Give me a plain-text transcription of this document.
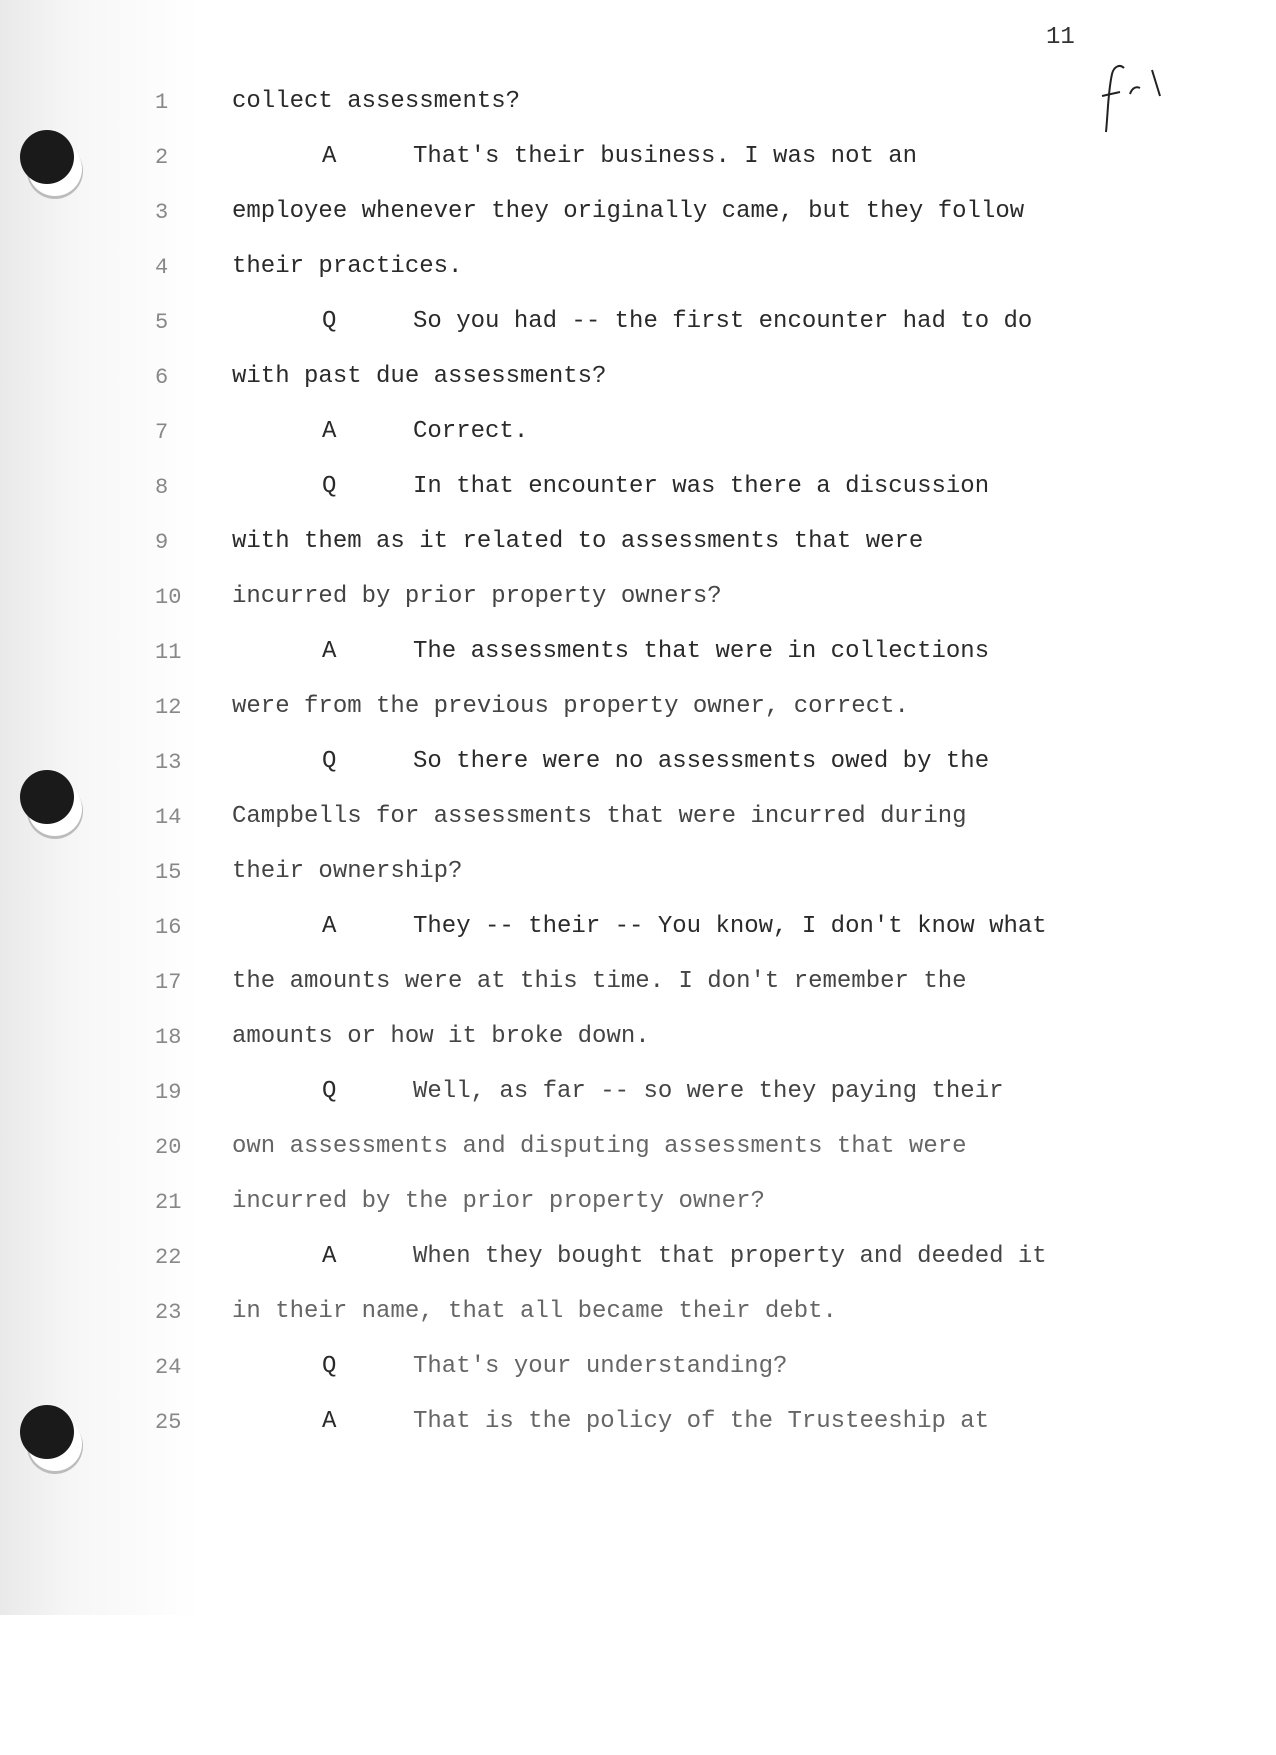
11
1	collect assessments?
2	A	That's their business. I was not an
3	employee whenever they originally came, but they follow
4	their practices.
5	Q	So you had -- the first encounter had to do
6	with past due assessments?
7	A	Correct.
8	Q	In that encounter was there a discussion
9	with them as it related to assessments that were
10	incurred by prior property owners?
11	A	The assessments that were in collections
12	were from the previous property owner, correct.
13	Q	So there were no assessments owed by the
14	Campbells for assessments that were incurred during
15	their ownership?
16	A	They -- their -- You know, I don't know what
17	the amounts were at this time. I don't remember the
18	amounts or how it broke down.
19	Q	Well, as far -- so were they paying their
20	own assessments and disputing assessments that were
21	incurred by the prior property owner?
22	A	When they bought that property and deeded it
23	in their name, that all became their debt.
24	Q	That's your understanding?
25	A	That is the policy of the Trusteeship at
